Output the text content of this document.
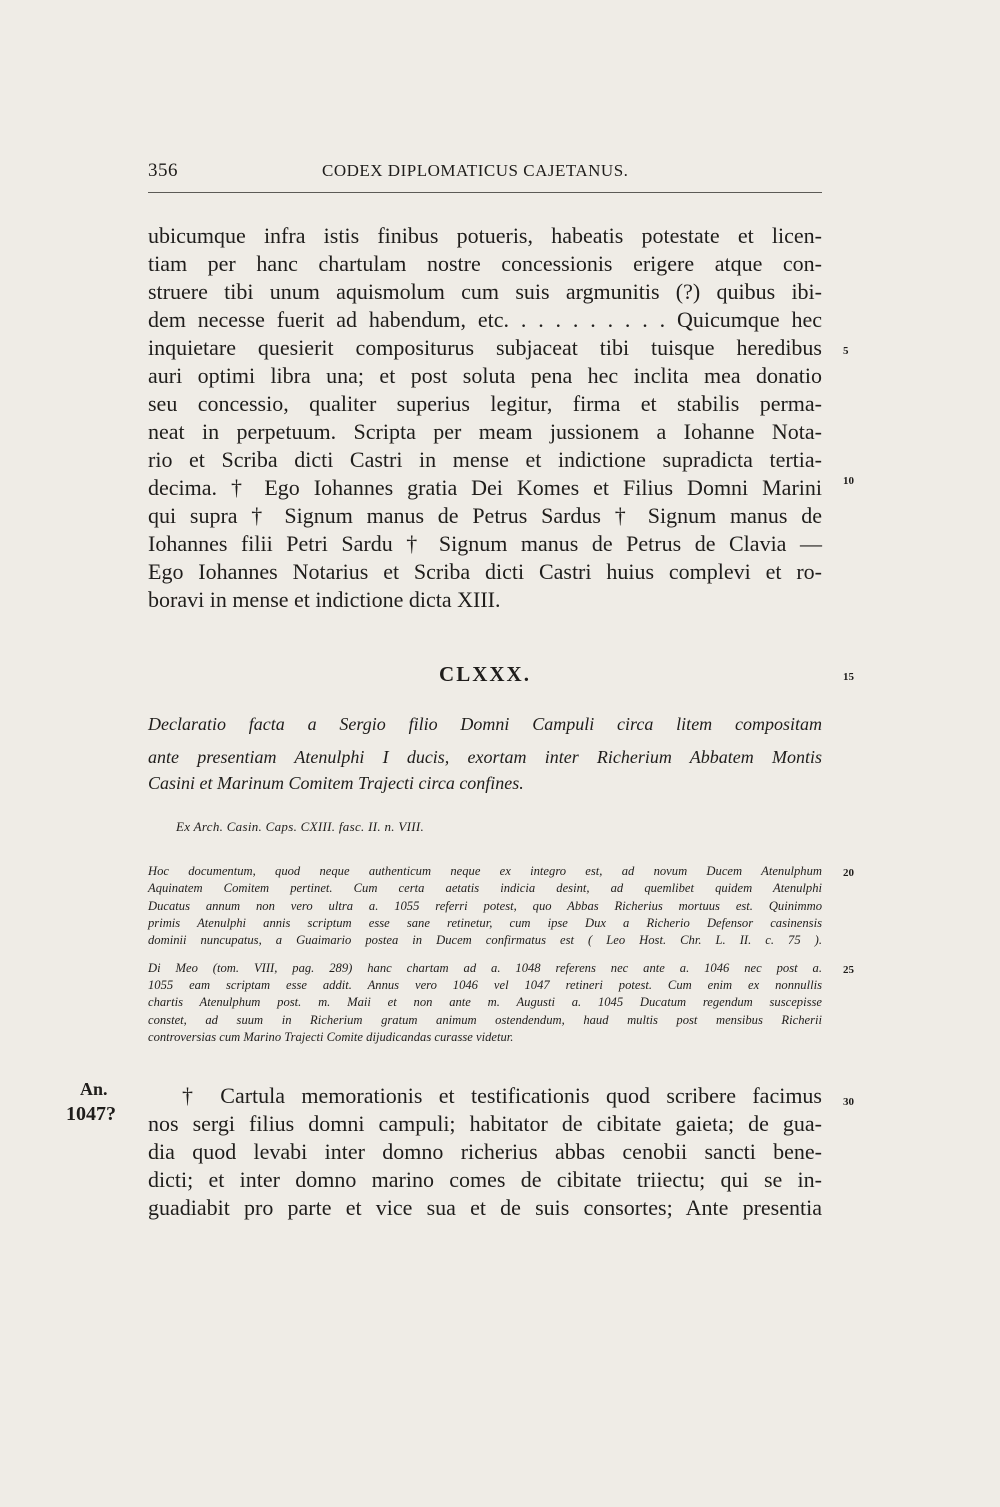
356	CODEX DIPLOMATICUS CAJETANUS.
ubicumque infra istis finibus potueris, habeatis potestate et licen-
tiam per hanc chartulam nostre concessionis erigere atque con-
struere tibi unum aquismolum cum suis argmunitis (?) quibus ibi-
dem necesse fuerit ad habendum, etc. . . . . . . . . . Quicumque hec
inquietare quesierit compositurus subjaceat tibi tuisque heredibus
auri optimi libra una; et post soluta pena hec inclita mea donatio
seu concessio, qualiter superius legitur, firma et stabilis perma-
neat in perpetuum. Scripta per meam jussionem a Iohanne Nota-
rio et Scriba dicti Castri in mense et indictione supradicta tertia-
decima. † Ego Iohannes gratia Dei Komes et Filius Domni Marini
qui supra † Signum manus de Petrus Sardus † Signum manus de
Iohannes filii Petri Sardu † Signum manus de Petrus de Clavia —
Ego Iohannes Notarius et Scriba dicti Castri huius complevi et ro-
boravi in mense et indictione dicta XIII.
5
10
15
20
25
30
CLXXX.
Declaratio facta a Sergio filio Domni Campuli circa litem compositam
ante presentiam Atenulphi I ducis, exortam inter Richerium Abbatem Montis
Casini et Marinum Comitem Trajecti circa confines.
Ex Arch. Casin. Caps. CXIII. fasc. II. n. VIII.
Hoc documentum, quod neque authenticum neque ex integro est, ad novum Ducem Atenulphum
Aquinatem Comitem pertinet. Cum certa aetatis indicia desint, ad quemlibet quidem Atenulphi
Ducatus annum non vero ultra a. 1055 referri potest, quo Abbas Richerius mortuus est. Quinimmo
primis Atenulphi annis scriptum esse sane retinetur, cum ipse Dux a Richerio Defensor casinensis
dominii nuncupatus, a Guaimario postea in Ducem confirmatus est ( Leo Host. Chr. L. II. c. 75 ).
Di Meo (tom. VIII, pag. 289) hanc chartam ad a. 1048 referens nec ante a. 1046 nec post a.
1055 eam scriptam esse addit. Annus vero 1046 vel 1047 retineri potest. Cum enim ex nonnullis
chartis Atenulphum post. m. Maii et non ante m. Augusti a. 1045 Ducatum regendum suscepisse
constet, ad suum in Richerium gratum animum ostendendum, haud multis post mensibus Richerii
controversias cum Marino Trajecti Comite dijudicandas curasse videtur.
An.
1047?
† Cartula memorationis et testificationis quod scribere facimus
nos sergi filius domni campuli; habitator de cibitate gaieta; de gua-
dia quod levabi inter domno richerius abbas cenobii sancti bene-
dicti; et inter domno marino comes de cibitate triiectu; qui se in-
guadiabit pro parte et vice sua et de suis consortes; Ante presentia
